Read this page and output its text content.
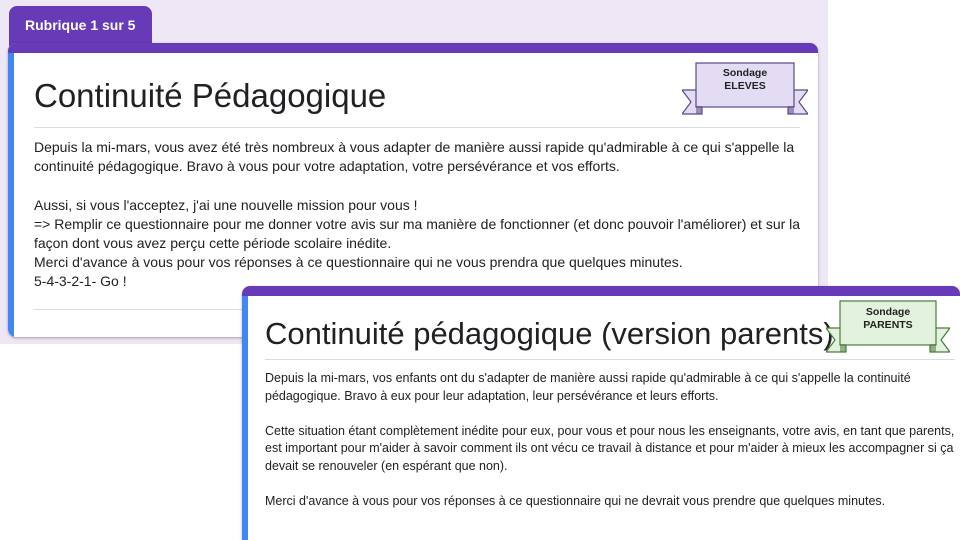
Rubrique 1 sur 5
Continuité Pédagogique

Depuis la mi-mars, vous avez été très nombreux à vous adapter de manière aussi rapide qu'admirable à ce qui s'appelle la continuité pédagogique. Bravo à vous pour votre adaptation, votre persévérance et vos efforts.

Aussi, si vous l'acceptez, j'ai une nouvelle mission pour vous !

=> Remplir ce questionnaire pour me donner votre avis sur ma manière de fonctionner (et donc pouvoir l'améliorer) et sur la façon dont vous avez perçu cette période scolaire inédite.

Merci d'avance à vous pour vos réponses à ce questionnaire qui ne vous prendra que quelques minutes.

5-4-3-2-1- Go !

Sondage
ELEVES
Continuité pédagogique (version parents)

Depuis la mi-mars, vos enfants ont du s'adapter de manière aussi rapide qu'admirable à ce qui s'appelle la continuité pédagogique. Bravo à eux pour leur adaptation, leur persévérance et leurs efforts.

Cette situation étant complètement inédite pour eux, pour vous et pour nous les enseignants, votre avis, en tant que parents, est important pour m'aider à savoir comment ils ont vécu ce travail à distance et pour m'aider à mieux les accompagner si ça devait se renouveler (en espérant que non).

Merci d'avance à vous pour vos réponses à ce questionnaire qui ne devrait vous prendre que quelques minutes.

Sondage
PARENTS
